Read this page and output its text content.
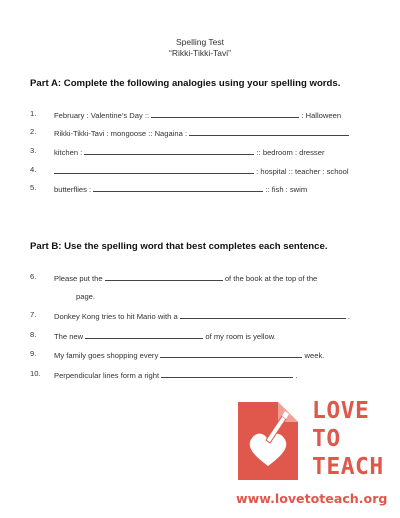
Spelling Test
“Rikki-Tikki-Tavi”
Part A: Complete the following analogies using your spelling words.
1. February : Valentine’s Day ::	: Halloween
2. Rikki-Tikki-Tavi : mongoose :: Nagaina :
3. kitchen :	:: bedroom : dresser
4.	: hospital :: teacher : school
5. butterflies :	:: fish : swim
Part B: Use the spelling word that best completes each sentence.
6. Please put the	of the book at the top of the
page.
7. Donkey Kong tries to hit Mario with a	.
8. The new	of my room is yellow.
9. My family goes shopping every	week.
10. Perpendicular lines form a right	.
LOVE
TO
TEACH
www.lovetoteach.org
